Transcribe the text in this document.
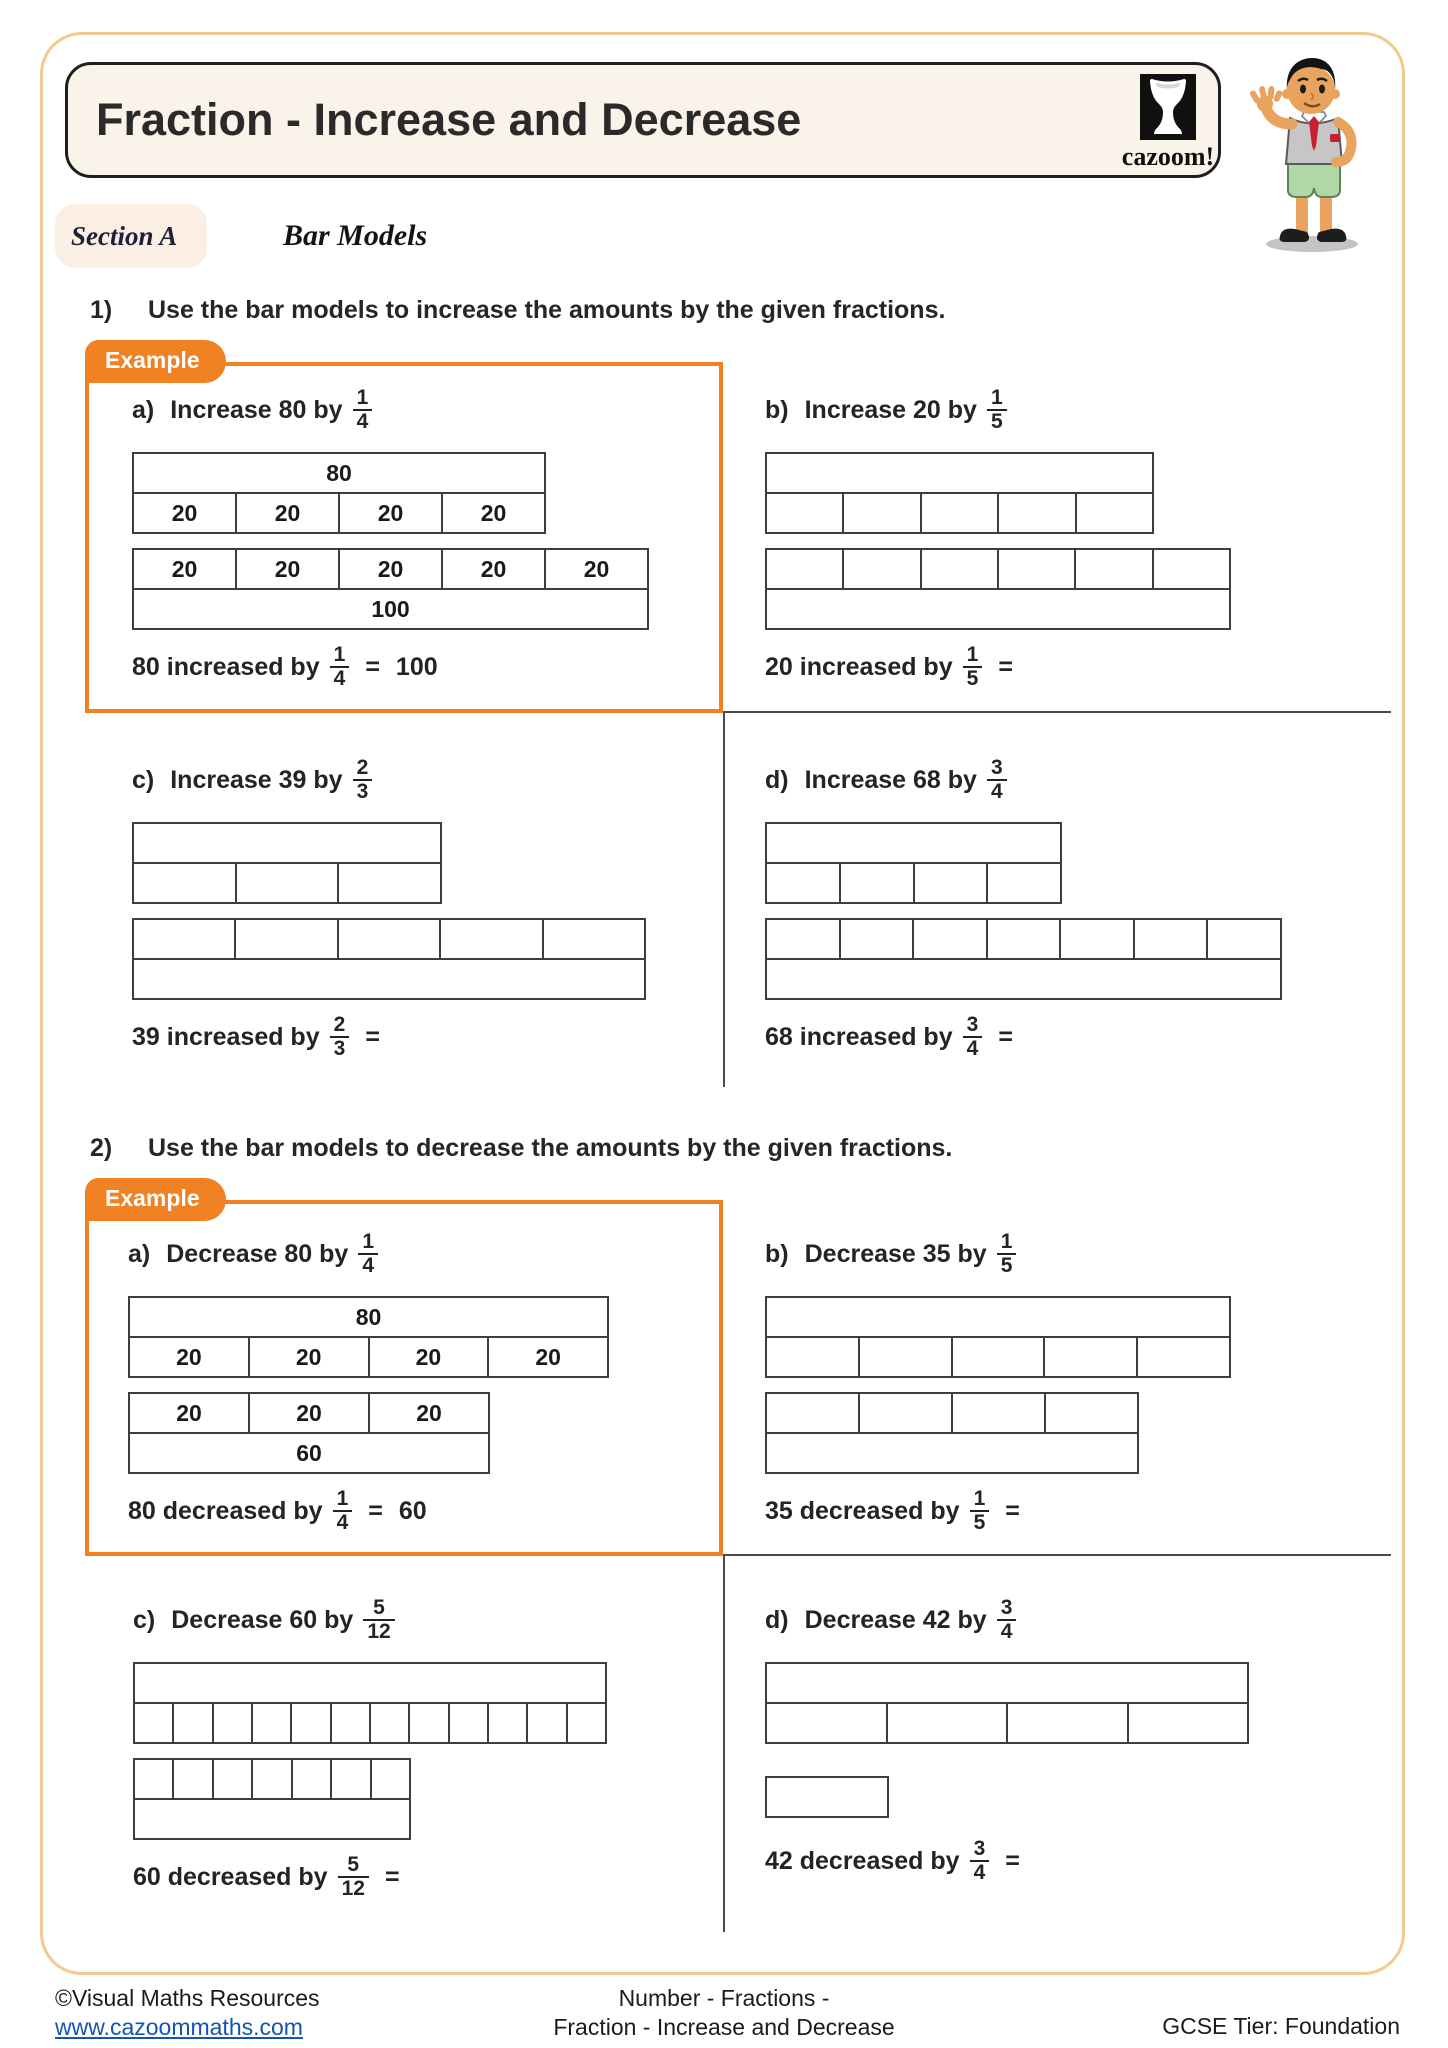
Fraction - Increase and Decrease
cazoom!
Section A	Bar Models
1)	Use the bar models to increase the amounts by the given fractions.
Example
a) Increase 80 by $\frac{1}{4}$
80
20	20	20	20
20	20	20	20	20
100
80 increased by $\frac{1}{4} = 100$
b) Increase 20 by $\frac{1}{5}$
20 increased by $\frac{1}{5}$ =
c) Increase 39 by $\frac{2}{3}$
39 increased by $\frac{2}{3}$ =
d) Increase 68 by $\frac{3}{4}$
68 increased by $\frac{3}{4}$ =
2)	Use the bar models to decrease the amounts by the given fractions.
Example
a) Decrease 80 by $\frac{1}{4}$
80
20	20	20	20
20	20	20
60
80 decreased by $\frac{1}{4} = 60$
b) Decrease 35 by $\frac{1}{5}$
35 decreased by $\frac{1}{5}$ =
c) Decrease 60 by $\frac{5}{12}$
60 decreased by $\frac{5}{12}$ =
d) Decrease 42 by $\frac{3}{4}$
42 decreased by $\frac{3}{4}$ =
©Visual Maths Resources
www.cazoommaths.com
Number - Fractions -
Fraction - Increase and Decrease	GCSE Tier: Foundation
